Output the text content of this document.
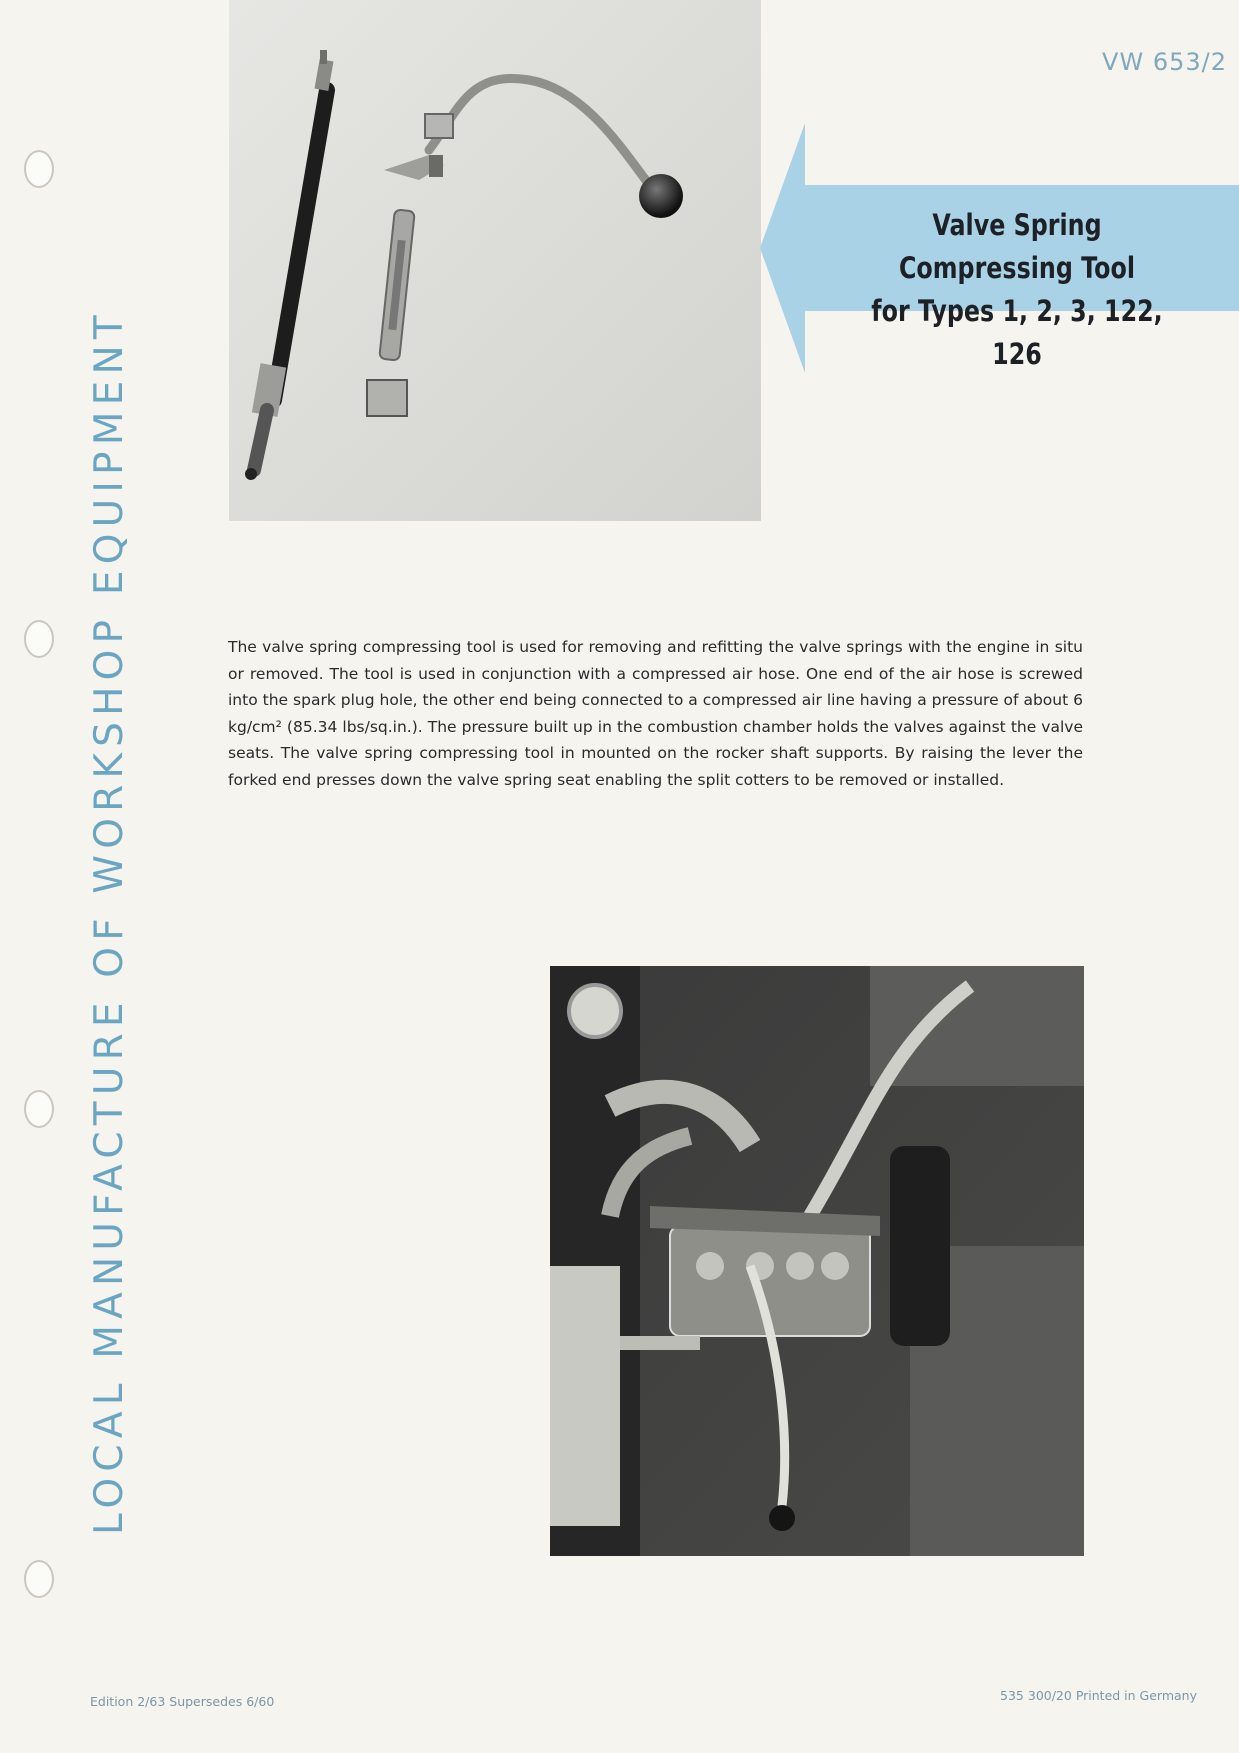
VW 653/2
LOCAL MANUFACTURE OF WORKSHOP EQUIPMENT
Valve Spring Compressing Tool
for Types 1, 2, 3, 122, 126
The valve spring compressing tool is used for removing and refitting the valve springs with the engine in situ or removed. The tool is used in conjunction with a compressed air hose. One end of the air hose is screwed into the spark plug hole, the other end being connected to a compressed air line having a pressure of about 6 kg/cm² (85.34 lbs/sq.in.). The pressure built up in the combustion chamber holds the valves against the valve seats. The valve spring compressing tool in mounted on the rocker shaft supports. By raising the lever the forked end presses down the valve spring seat enabling the split cotters to be removed or installed.
Edition 2/63 Supersedes 6/60	535 300/20 Printed in Germany
